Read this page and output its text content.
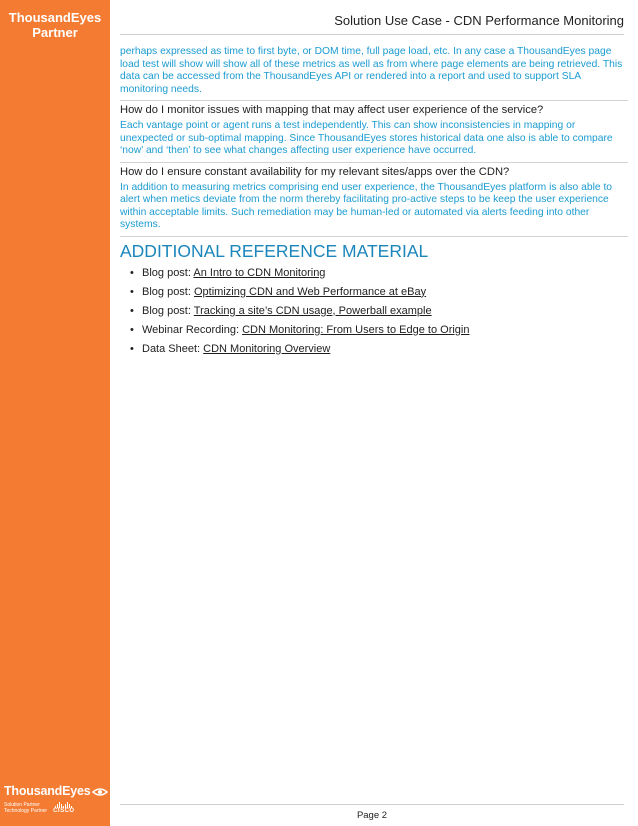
ThousandEyes
Partner
ThousandEyes
Solution Partner
Technology Partner CISCO
Solution Use Case - CDN Performance Monitoring

perhaps expressed as time to first byte, or DOM time, full page load, etc. In any case a ThousandEyes page load test will show will show all of these metrics as well as from where page elements are being retrieved. This data can be accessed from the ThousandEyes API or rendered into a report and used to support SLA monitoring needs.

How do I monitor issues with mapping that may affect user experience of the service?

Each vantage point or agent runs a test independently. This can show inconsistencies in mapping or unexpected or sub-optimal mapping. Since ThousandEyes stores historical data one also is able to compare ‘now’ and ‘then’ to see what changes affecting user experience have occurred.

How do I ensure constant availability for my relevant sites/apps over the CDN?

In addition to measuring metrics comprising end user experience, the ThousandEyes platform is also able to alert when metics deviate from the norm thereby facilitating pro-active steps to be keep the user experience within acceptable limits. Such remediation may be human-led or automated via alerts feeding into other systems.

ADDITIONAL REFERENCE MATERIAL
• Blog post: An Intro to CDN Monitoring
• Blog post: Optimizing CDN and Web Performance at eBay
• Blog post: Tracking a site’s CDN usage, Powerball example
• Webinar Recording: CDN Monitoring: From Users to Edge to Origin
• Data Sheet: CDN Monitoring Overview
Page 2
